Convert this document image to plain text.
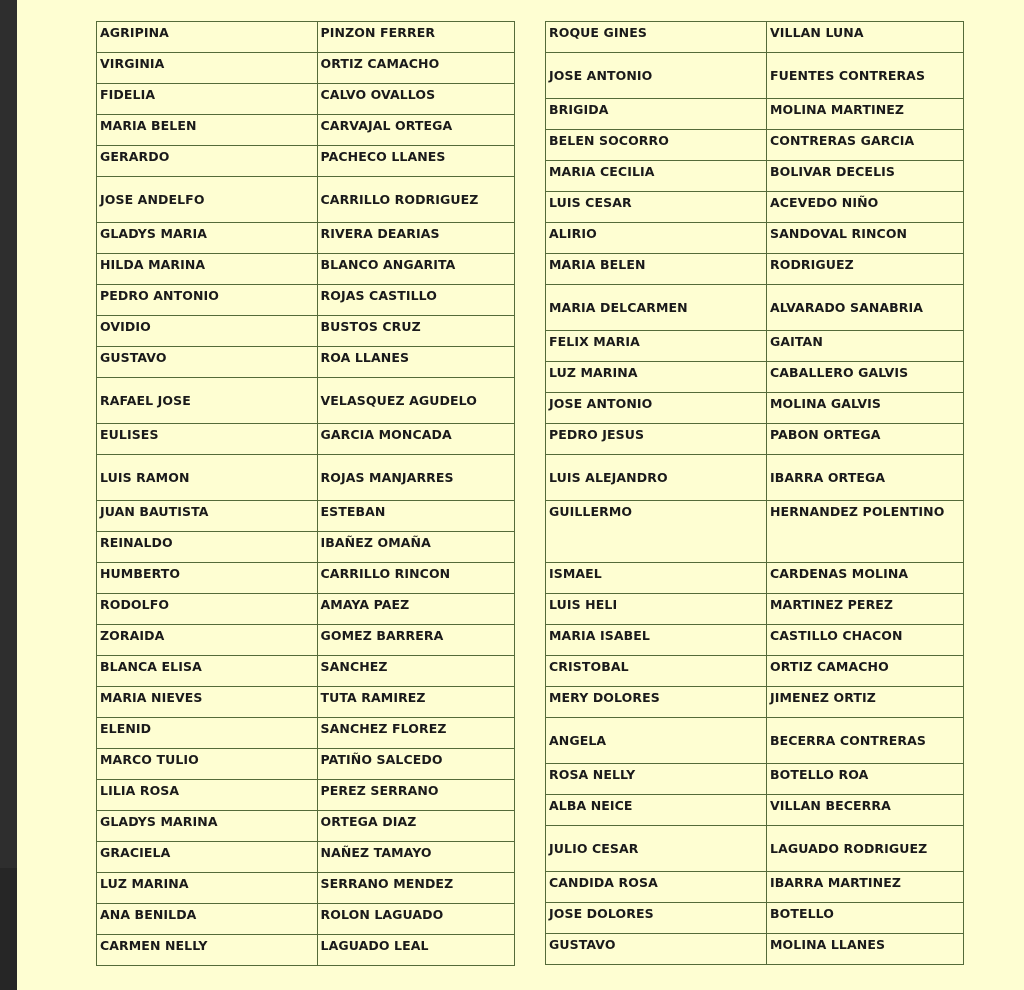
AGRIPINA	PINZON FERRER
VIRGINIA	ORTIZ CAMACHO
FIDELIA	CALVO OVALLOS
MARIA BELEN	CARVAJAL ORTEGA
GERARDO	PACHECO LLANES
JOSE ANDELFO	CARRILLO RODRIGUEZ
GLADYS MARIA	RIVERA DEARIAS
HILDA MARINA	BLANCO ANGARITA
PEDRO ANTONIO	ROJAS CASTILLO
OVIDIO	BUSTOS CRUZ
GUSTAVO	ROA LLANES
RAFAEL JOSE	VELASQUEZ AGUDELO
EULISES	GARCIA MONCADA
LUIS RAMON	ROJAS MANJARRES
JUAN BAUTISTA	ESTEBAN
REINALDO	IBAÑEZ OMAÑA
HUMBERTO	CARRILLO RINCON
RODOLFO	AMAYA PAEZ
ZORAIDA	GOMEZ BARRERA
BLANCA ELISA	SANCHEZ
MARIA NIEVES	TUTA RAMIREZ
ELENID	SANCHEZ FLOREZ
MARCO TULIO	PATIÑO SALCEDO
LILIA ROSA	PEREZ SERRANO
GLADYS MARINA	ORTEGA DIAZ
GRACIELA	NAÑEZ TAMAYO
LUZ MARINA	SERRANO MENDEZ
ANA BENILDA	ROLON LAGUADO
CARMEN NELLY	LAGUADO LEAL
ROQUE GINES	VILLAN LUNA
JOSE ANTONIO	FUENTES CONTRERAS
BRIGIDA	MOLINA MARTINEZ
BELEN SOCORRO	CONTRERAS GARCIA
MARIA CECILIA	BOLIVAR DECELIS
LUIS CESAR	ACEVEDO NIÑO
ALIRIO	SANDOVAL RINCON
MARIA BELEN	RODRIGUEZ
MARIA DELCARMEN	ALVARADO SANABRIA
FELIX MARIA	GAITAN
LUZ MARINA	CABALLERO GALVIS
JOSE ANTONIO	MOLINA GALVIS
PEDRO JESUS	PABON ORTEGA
LUIS ALEJANDRO	IBARRA ORTEGA
GUILLERMO	HERNANDEZ POLENTINO
ISMAEL	CARDENAS MOLINA
LUIS HELI	MARTINEZ PEREZ
MARIA ISABEL	CASTILLO CHACON
CRISTOBAL	ORTIZ CAMACHO
MERY DOLORES	JIMENEZ ORTIZ
ANGELA	BECERRA CONTRERAS
ROSA NELLY	BOTELLO ROA
ALBA NEICE	VILLAN BECERRA
JULIO CESAR	LAGUADO RODRIGUEZ
CANDIDA ROSA	IBARRA MARTINEZ
JOSE DOLORES	BOTELLO
GUSTAVO	MOLINA LLANES
